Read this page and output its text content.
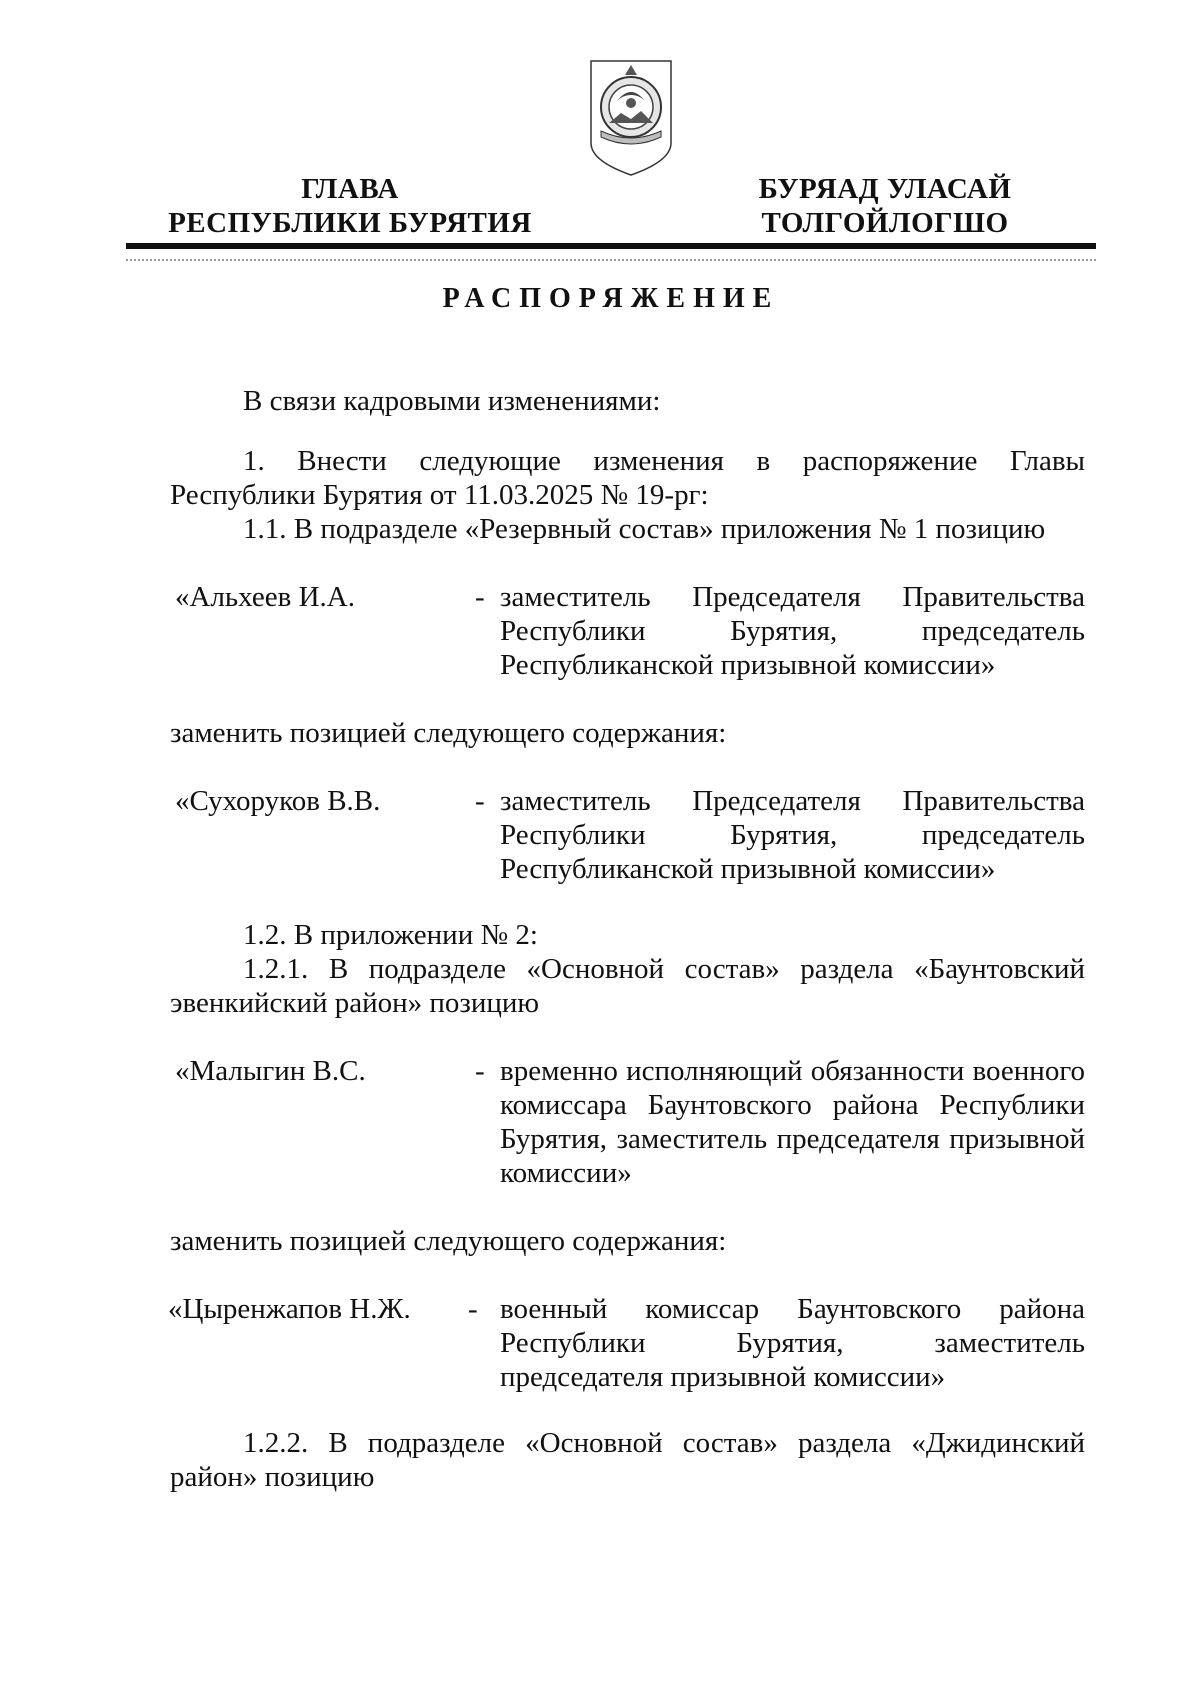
ГЛАВА
РЕСПУБЛИКИ БУРЯТИЯ
БУРЯАД УЛАСАЙ
ТОЛГОЙЛОГШО
РАСПОРЯЖЕНИЕ
В связи кадровыми изменениями:
1. Внести следующие изменения в распоряжение Главы Республики Бурятия от 11.03.2025 № 19-рг:
1.1. В подразделе «Резервный состав» приложения № 1 позицию
«Альхеев И.А.	- заместитель Председателя Правительства Республики Бурятия, председатель Республиканской призывной комиссии»
заменить позицией следующего содержания:
«Сухоруков В.В.	- заместитель Председателя Правительства Республики Бурятия, председатель Республиканской призывной комиссии»
1.2. В приложении № 2:
1.2.1. В подразделе «Основной состав» раздела «Баунтовский эвенкийский район» позицию
«Малыгин В.С.	- временно исполняющий обязанности военного комиссара Баунтовского района Республики Бурятия, заместитель председателя призывной комиссии»
заменить позицией следующего содержания:
«Цыренжапов Н.Ж. - военный комиссар Баунтовского района Республики Бурятия, заместитель председателя призывной комиссии»
1.2.2. В подразделе «Основной состав» раздела «Джидинский район» позицию
